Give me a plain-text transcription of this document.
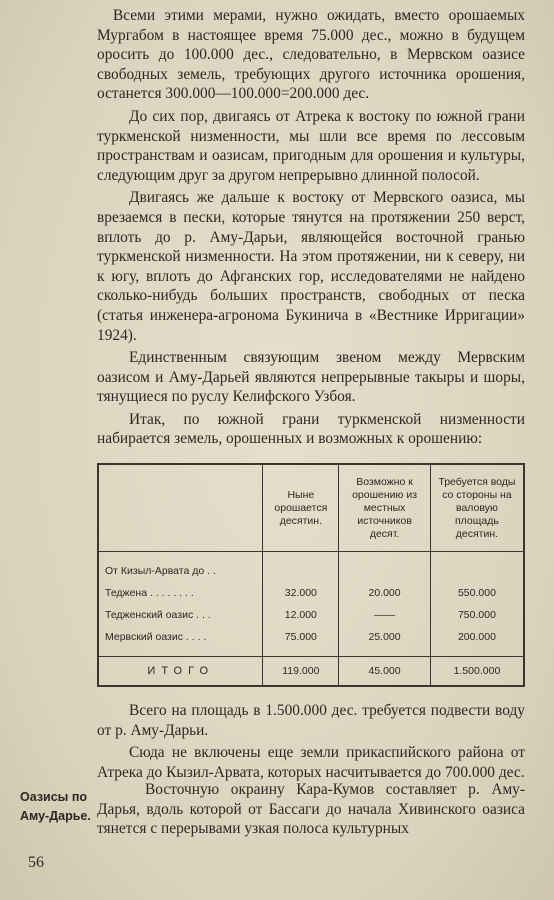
Всеми этими мерами, нужно ожидать, вместо орошаемых Мургабом в настоящее время 75.000 дес., можно в будущем оросить до 100.000 дес., следовательно, в Мервском оазисе свободных земель, требующих другого источника орошения, останется 300.000—100.000=200.000 дес.

До сих пор, двигаясь от Атрека к востоку по южной грани туркменской низменности, мы шли все время по лессовым пространствам и оазисам, пригодным для орошения и культуры, следующим друг за другом непрерывно длинной полосой.

Двигаясь же дальше к востоку от Мервского оазиса, мы врезаемся в пески, которые тянутся на протяжении 250 верст, вплоть до р. Аму-Дарьи, являющейся восточной гранью туркменской низменности. На этом протяжении, ни к северу, ни к югу, вплоть до Афганских гор, исследователями не найдено сколько-нибудь больших пространств, свободных от песка (статья инженера-агронома Букинича в «Вестнике Ирригации» 1924).

Единственным связующим звеном между Мервским оазисом и Аму-Дарьей являются непрерывные такыры и шоры, тянущиеся по руслу Келифского Узбоя.

Итак, по южной грани туркменской низменности набирается земель, орошенных и возможных к орошению:

	Ныне орошается десятин.	Возможно к орошению из местных источников десят.	Требуется воды со стороны на валовую площадь десятин.

От Кизыл-Арвата до . .			
Теджена . . . . . . . .	32.000	20.000	550.000
Тедженский оазис . . .	12.000	——	750.000
Мервский оазис . . . .	75.000	25.000	200.000

ИТОГО	119.000	45.000	1.500.000

Всего на площадь в 1.500.000 дес. требуется подвести воду от р. Аму-Дарьи.

Сюда не включены еще земли прикаспийского района от Атрека до Кызил-Арвата, которых насчитывается до 700.000 дес.

Восточную окраину Кара-Кумов составляет р. Аму-Дарья, вдоль которой от Бассаги до начала Хивинского оазиса тянется с перерывами узкая полоса культурных

Оазисы по Аму-Дарье.
56
